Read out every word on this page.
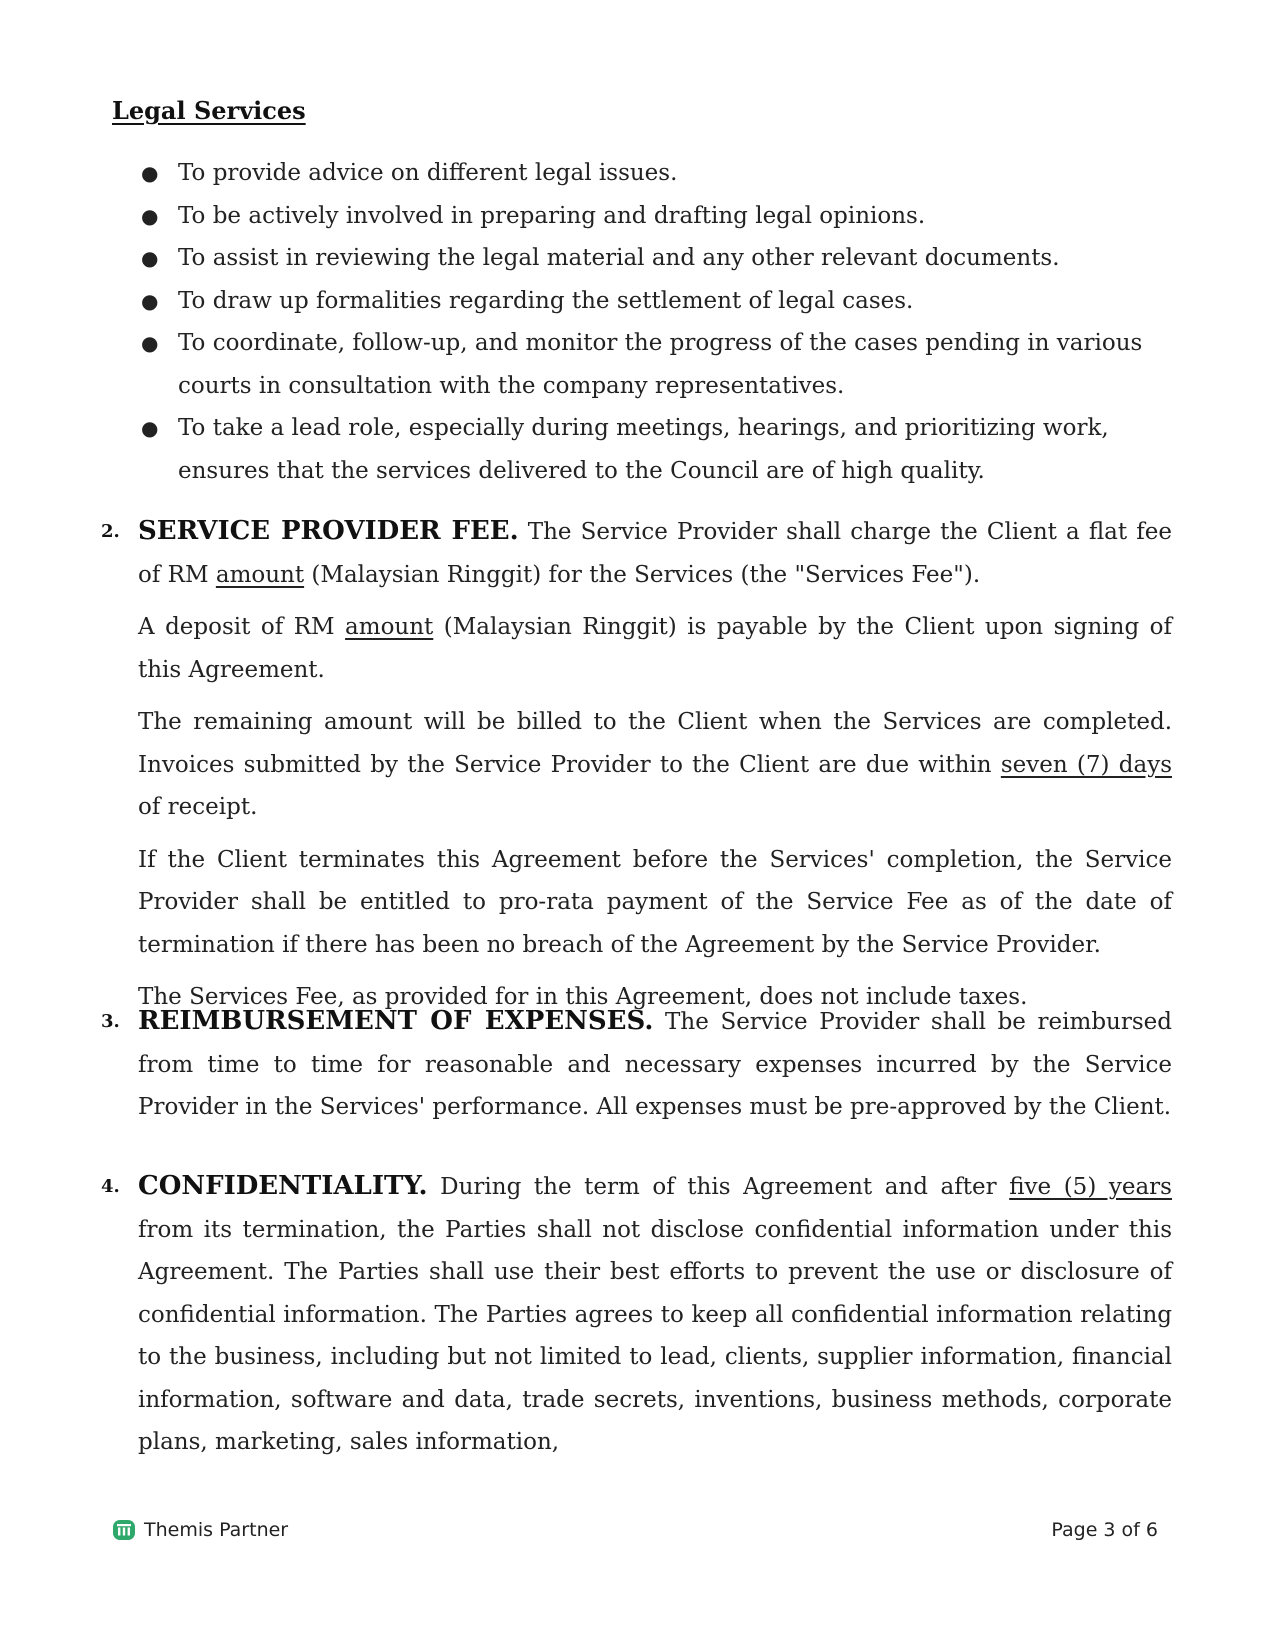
Legal Services
● To provide advice on different legal issues.
● To be actively involved in preparing and drafting legal opinions.
● To assist in reviewing the legal material and any other relevant documents.
● To draw up formalities regarding the settlement of legal cases.
● To coordinate, follow-up, and monitor the progress of the cases pending in various courts in consultation with the company representatives.
● To take a lead role, especially during meetings, hearings, and prioritizing work, ensures that the services delivered to the Council are of high quality.
2. SERVICE PROVIDER FEE. The Service Provider shall charge the Client a flat fee of RM amount (Malaysian Ringgit) for the Services (the "Services Fee").

A deposit of RM amount (Malaysian Ringgit) is payable by the Client upon signing of this Agreement.

The remaining amount will be billed to the Client when the Services are completed. Invoices submitted by the Service Provider to the Client are due within seven (7) days of receipt.

If the Client terminates this Agreement before the Services' completion, the Service Provider shall be entitled to pro-rata payment of the Service Fee as of the date of termination if there has been no breach of the Agreement by the Service Provider.

The Services Fee, as provided for in this Agreement, does not include taxes.

3. REIMBURSEMENT OF EXPENSES. The Service Provider shall be reimbursed from time to time for reasonable and necessary expenses incurred by the Service Provider in the Services' performance. All expenses must be pre-approved by the Client.

4. CONFIDENTIALITY. During the term of this Agreement and after five (5) years from its termination, the Parties shall not disclose confidential information under this Agreement. The Parties shall use their best efforts to prevent the use or disclosure of confidential information. The Parties agrees to keep all confidential information relating to the business, including but not limited to lead, clients, supplier information, financial information, software and data, trade secrets, inventions, business methods, corporate plans, marketing, sales information,

Themis Partner	Page 3 of 6
